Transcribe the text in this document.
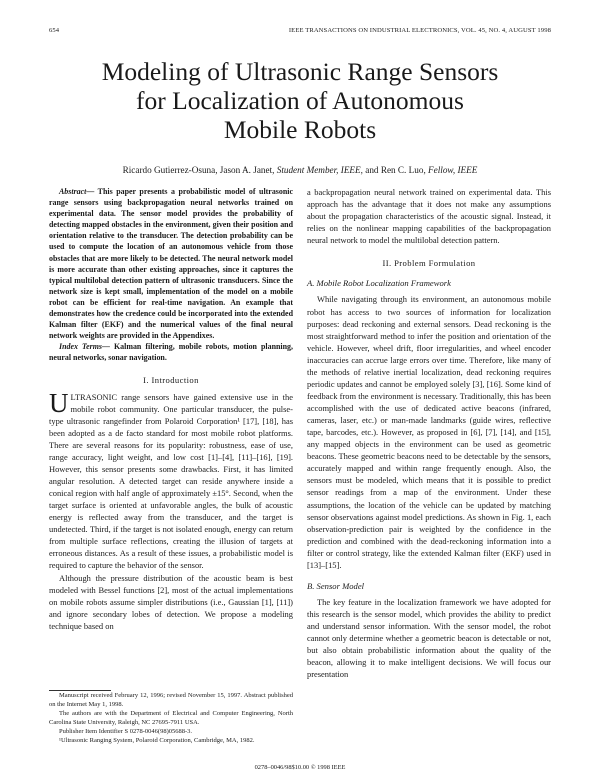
654	IEEE TRANSACTIONS ON INDUSTRIAL ELECTRONICS, VOL. 45, NO. 4, AUGUST 1998
Modeling of Ultrasonic Range Sensors
for Localization of Autonomous
Mobile Robots
Ricardo Gutierrez-Osuna, Jason A. Janet, Student Member, IEEE, and Ren C. Luo, Fellow, IEEE

Abstract— This paper presents a probabilistic model of ultrasonic range sensors using backpropagation neural networks trained on experimental data. The sensor model provides the probability of detecting mapped obstacles in the environment, given their position and orientation relative to the transducer. The detection probability can be used to compute the location of an autonomous vehicle from those obstacles that are more likely to be detected. The neural network model is more accurate than other existing approaches, since it captures the typical multilobal detection pattern of ultrasonic transducers. Since the network size is kept small, implementation of the model on a mobile robot can be efficient for real-time navigation. An example that demonstrates how the credence could be incorporated into the extended Kalman filter (EKF) and the numerical values of the final neural network weights are provided in the Appendixes.

Index Terms— Kalman filtering, mobile robots, motion planning, neural networks, sonar navigation.

I. Introduction

ULTRASONIC range sensors have gained extensive use in the mobile robot community. One particular transducer, the pulse-type ultrasonic rangefinder from Polaroid Corporation¹ [17], [18], has been adopted as a de facto standard for most mobile robot platforms. There are several reasons for its popularity: robustness, ease of use, range accuracy, light weight, and low cost [1]–[4], [11]–[16], [19]. However, this sensor presents some drawbacks. First, it has limited angular resolution. A detected target can reside anywhere inside a conical region with half angle of approximately ±15°. Second, when the target surface is oriented at unfavorable angles, the bulk of acoustic energy is reflected away from the transducer, and the target is undetected. Third, if the target is not isolated enough, energy can return from multiple surface reflections, creating the illusion of targets at erroneous distances. As a result of these issues, a probabilistic model is required to capture the behavior of the sensor.

Although the pressure distribution of the acoustic beam is best modeled with Bessel functions [2], most of the actual implementations on mobile robots assume simpler distributions (i.e., Gaussian [1], [11]) and ignore secondary lobes of detection. We propose a modeling technique based on

Manuscript received February 12, 1996; revised November 15, 1997. Abstract published on the Internet May 1, 1998.

The authors are with the Department of Electrical and Computer Engineering, North Carolina State University, Raleigh, NC 27695-7911 USA.

Publisher Item Identifier S 0278-0046(98)05688-3.

¹Ultrasonic Ranging System, Polaroid Corporation, Cambridge, MA, 1982.

a backpropagation neural network trained on experimental data. This approach has the advantage that it does not make any assumptions about the propagation characteristics of the acoustic signal. Instead, it relies on the nonlinear mapping capabilities of the backpropagation neural network to model the multilobal detection pattern.

II. Problem Formulation

A. Mobile Robot Localization Framework

While navigating through its environment, an autonomous mobile robot has access to two sources of information for localization purposes: dead reckoning and external sensors. Dead reckoning is the most straightforward method to infer the position and orientation of the vehicle. However, wheel drift, floor irregularities, and wheel encoder inaccuracies can accrue large errors over time. Therefore, like many of the methods of relative inertial localization, dead reckoning requires periodic updates and cannot be employed solely [3], [16]. Some kind of feedback from the environment is necessary. Traditionally, this has been accomplished with the use of dedicated active beacons (infrared, cameras, laser, etc.) or man-made landmarks (guide wires, reflective tape, barcodes, etc.). However, as proposed in [6], [7], [14], and [15], any mapped objects in the environment can be used as geometric beacons. These geometric beacons need to be detectable by the sensors, accurately mapped and within range frequently enough. Also, the sensors must be modeled, which means that it is possible to predict sensor readings from a map of the environment. Under these assumptions, the location of the vehicle can be updated by matching sensor observations against model predictions. As shown in Fig. 1, each observation-prediction pair is weighted by the confidence in the prediction and combined with the dead-reckoning information into a filter or control strategy, like the extended Kalman filter (EKF) used in [13]–[15].

B. Sensor Model

The key feature in the localization framework we have adopted for this research is the sensor model, which provides the ability to predict and understand sensor information. With the sensor model, the robot cannot only determine whether a geometric beacon is detectable or not, but also obtain probabilistic information about the quality of the beacon, allowing it to make intelligent decisions. We will focus our presentation

0278–0046/98$10.00 © 1998 IEEE
